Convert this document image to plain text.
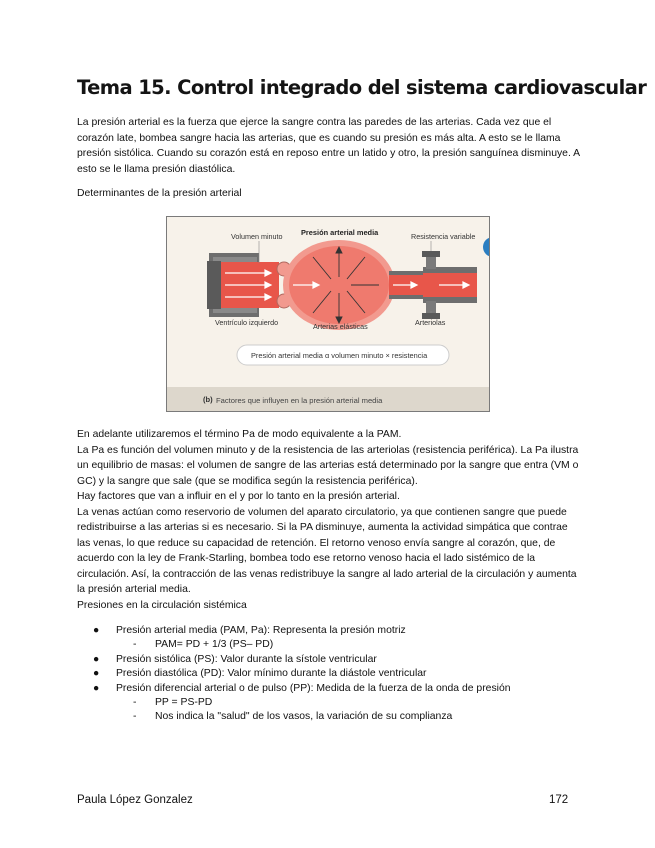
Tema 15. Control integrado del sistema cardiovascular

La presión arterial es la fuerza que ejerce la sangre contra las paredes de las arterias. Cada vez que el corazón late, bombea sangre hacia las arterias, que es cuando su presión es más alta. A esto se le llama presión sistólica. Cuando su corazón está en reposo entre un latido y otro, la presión sanguínea disminuye. A esto se le llama presión diastólica.

Determinantes de la presión arterial

Volumen minuto Presión arterial media	Resistencia variable
Ventrículo izquierdo	Arterias elásticas	Arteriolas
Presión arterial media α volumen minuto × resistencia
(b) Factores que influyen en la presión arterial media

En adelante utilizaremos el término Pa de modo equivalente a la PAM.
La Pa es función del volumen minuto y de la resistencia de las arteriolas (resistencia periférica). La Pa ilustra un equilibrio de masas: el volumen de sangre de las arterias está determinado por la sangre que entra (VM o GC) y la sangre que sale (que se modifica según la resistencia periférica).
Hay factores que van a influir en el y por lo tanto en la presión arterial.
La venas actúan como reservorio de volumen del aparato circulatorio, ya que contienen sangre que puede redistribuirse a las arterias si es necesario. Si la PA disminuye, aumenta la actividad simpática que contrae las venas, lo que reduce su capacidad de retención. El retorno venoso envía sangre al corazón, que, de acuerdo con la ley de Frank-Starling, bombea todo ese retorno venoso hacia el lado sistémico de la circulación. Así, la contracción de las venas redistribuye la sangre al lado arterial de la circulación y aumenta la presión arterial media.

Presiones en la circulación sistémica

● Presión arterial media (PAM, Pa): Representa la presión motriz
- PAM= PD + 1/3 (PS– PD)
● Presión sistólica (PS): Valor durante la sístole ventricular
● Presión diastólica (PD): Valor mínimo durante la diástole ventricular
● Presión diferencial arterial o de pulso (PP): Medida de la fuerza de la onda de presión
- PP = PS-PD
- Nos indica la "salud" de los vasos, la variación de su complianza
Paula López Gonzalez	172
